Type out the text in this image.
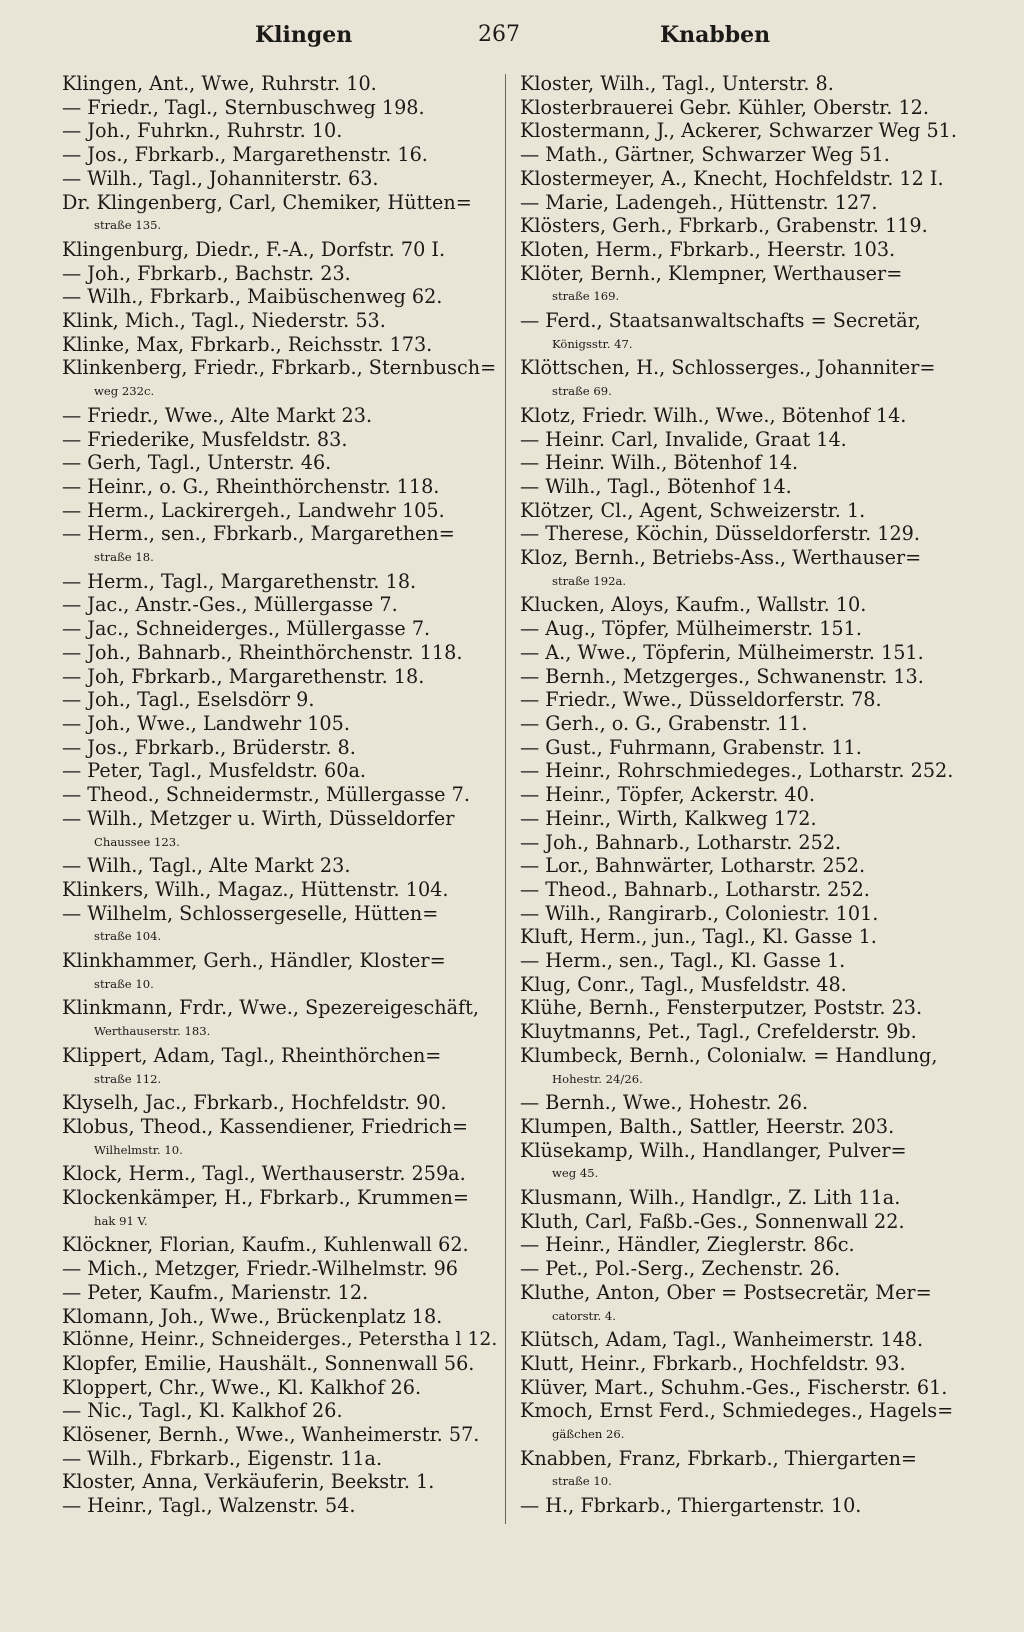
Klingen	267	Knabben
Klingen, Ant., Wwe, Ruhrstr. 10.
— Friedr., Tagl., Sternbuschweg 198.
— Joh., Fuhrkn., Ruhrstr. 10.
— Jos., Fbrkarb., Margarethenstr. 16.
— Wilh., Tagl., Johanniterstr. 63.
Dr. Klingenberg, Carl, Chemiker, Hütten=
straße 135.
Klingenburg, Diedr., F.-A., Dorfstr. 70 I.
— Joh., Fbrkarb., Bachstr. 23.
— Wilh., Fbrkarb., Maibüschenweg 62.
Klink, Mich., Tagl., Niederstr. 53.
Klinke, Max, Fbrkarb., Reichsstr. 173.
Klinkenberg, Friedr., Fbrkarb., Sternbusch=
weg 232c.
— Friedr., Wwe., Alte Markt 23.
— Friederike, Musfeldstr. 83.
— Gerh, Tagl., Unterstr. 46.
— Heinr., o. G., Rheinthörchenstr. 118.
— Herm., Lackirergeh., Landwehr 105.
— Herm., sen., Fbrkarb., Margarethen=
straße 18.
— Herm., Tagl., Margarethenstr. 18.
— Jac., Anstr.-Ges., Müllergasse 7.
— Jac., Schneiderges., Müllergasse 7.
— Joh., Bahnarb., Rheinthörchenstr. 118.
— Joh, Fbrkarb., Margarethenstr. 18.
— Joh., Tagl., Eselsdörr 9.
— Joh., Wwe., Landwehr 105.
— Jos., Fbrkarb., Brüderstr. 8.
— Peter, Tagl., Musfeldstr. 60a.
— Theod., Schneidermstr., Müllergasse 7.
— Wilh., Metzger u. Wirth, Düsseldorfer
Chaussee 123.
— Wilh., Tagl., Alte Markt 23.
Klinkers, Wilh., Magaz., Hüttenstr. 104.
— Wilhelm, Schlossergeselle, Hütten=
straße 104.
Klinkhammer, Gerh., Händler, Kloster=
straße 10.
Klinkmann, Frdr., Wwe., Spezereigeschäft,
Werthauserstr. 183.
Klippert, Adam, Tagl., Rheinthörchen=
straße 112.
Klyselh, Jac., Fbrkarb., Hochfeldstr. 90.
Klobus, Theod., Kassendiener, Friedrich=
Wilhelmstr. 10.
Klock, Herm., Tagl., Werthauserstr. 259a.
Klockenkämper, H., Fbrkarb., Krummen=
hak 91 V.
Klöckner, Florian, Kaufm., Kuhlenwall 62.
— Mich., Metzger, Friedr.-Wilhelmstr. 96
— Peter, Kaufm., Marienstr. 12.
Klomann, Joh., Wwe., Brückenplatz 18.
Klönne, Heinr., Schneiderges., Peterstha l 12.
Klopfer, Emilie, Haushält., Sonnenwall 56.
Kloppert, Chr., Wwe., Kl. Kalkhof 26.
— Nic., Tagl., Kl. Kalkhof 26.
Klösener, Bernh., Wwe., Wanheimerstr. 57.
— Wilh., Fbrkarb., Eigenstr. 11a.
Kloster, Anna, Verkäuferin, Beekstr. 1.
— Heinr., Tagl., Walzenstr. 54.
Kloster, Wilh., Tagl., Unterstr. 8.
Klosterbrauerei Gebr. Kühler, Oberstr. 12.
Klostermann, J., Ackerer, Schwarzer Weg 51.
— Math., Gärtner, Schwarzer Weg 51.
Klostermeyer, A., Knecht, Hochfeldstr. 12 I.
— Marie, Ladengeh., Hüttenstr. 127.
Klösters, Gerh., Fbrkarb., Grabenstr. 119.
Kloten, Herm., Fbrkarb., Heerstr. 103.
Klöter, Bernh., Klempner, Werthauser=
straße 169.
— Ferd., Staatsanwaltschafts = Secretär,
Königsstr. 47.
Klöttschen, H., Schlosserges., Johanniter=
straße 69.
Klotz, Friedr. Wilh., Wwe., Bötenhof 14.
— Heinr. Carl, Invalide, Graat 14.
— Heinr. Wilh., Bötenhof 14.
— Wilh., Tagl., Bötenhof 14.
Klötzer, Cl., Agent, Schweizerstr. 1.
— Therese, Köchin, Düsseldorferstr. 129.
Kloz, Bernh., Betriebs-Ass., Werthauser=
straße 192a.
Klucken, Aloys, Kaufm., Wallstr. 10.
— Aug., Töpfer, Mülheimerstr. 151.
— A., Wwe., Töpferin, Mülheimerstr. 151.
— Bernh., Metzgerges., Schwanenstr. 13.
— Friedr., Wwe., Düsseldorferstr. 78.
— Gerh., o. G., Grabenstr. 11.
— Gust., Fuhrmann, Grabenstr. 11.
— Heinr., Rohrschmiedeges., Lotharstr. 252.
— Heinr., Töpfer, Ackerstr. 40.
— Heinr., Wirth, Kalkweg 172.
— Joh., Bahnarb., Lotharstr. 252.
— Lor., Bahnwärter, Lotharstr. 252.
— Theod., Bahnarb., Lotharstr. 252.
— Wilh., Rangirarb., Coloniestr. 101.
Kluft, Herm., jun., Tagl., Kl. Gasse 1.
— Herm., sen., Tagl., Kl. Gasse 1.
Klug, Conr., Tagl., Musfeldstr. 48.
Klühe, Bernh., Fensterputzer, Poststr. 23.
Kluytmanns, Pet., Tagl., Crefelderstr. 9b.
Klumbeck, Bernh., Colonialw. = Handlung,
Hohestr. 24/26.
— Bernh., Wwe., Hohestr. 26.
Klumpen, Balth., Sattler, Heerstr. 203.
Klüsekamp, Wilh., Handlanger, Pulver=
weg 45.
Klusmann, Wilh., Handlgr., Z. Lith 11a.
Kluth, Carl, Faßb.-Ges., Sonnenwall 22.
— Heinr., Händler, Zieglerstr. 86c.
— Pet., Pol.-Serg., Zechenstr. 26.
Kluthe, Anton, Ober = Postsecretär, Mer=
catorstr. 4.
Klütsch, Adam, Tagl., Wanheimerstr. 148.
Klutt, Heinr., Fbrkarb., Hochfeldstr. 93.
Klüver, Mart., Schuhm.-Ges., Fischerstr. 61.
Kmoch, Ernst Ferd., Schmiedeges., Hagels=
gäßchen 26.
Knabben, Franz, Fbrkarb., Thiergarten=
straße 10.
— H., Fbrkarb., Thiergartenstr. 10.
